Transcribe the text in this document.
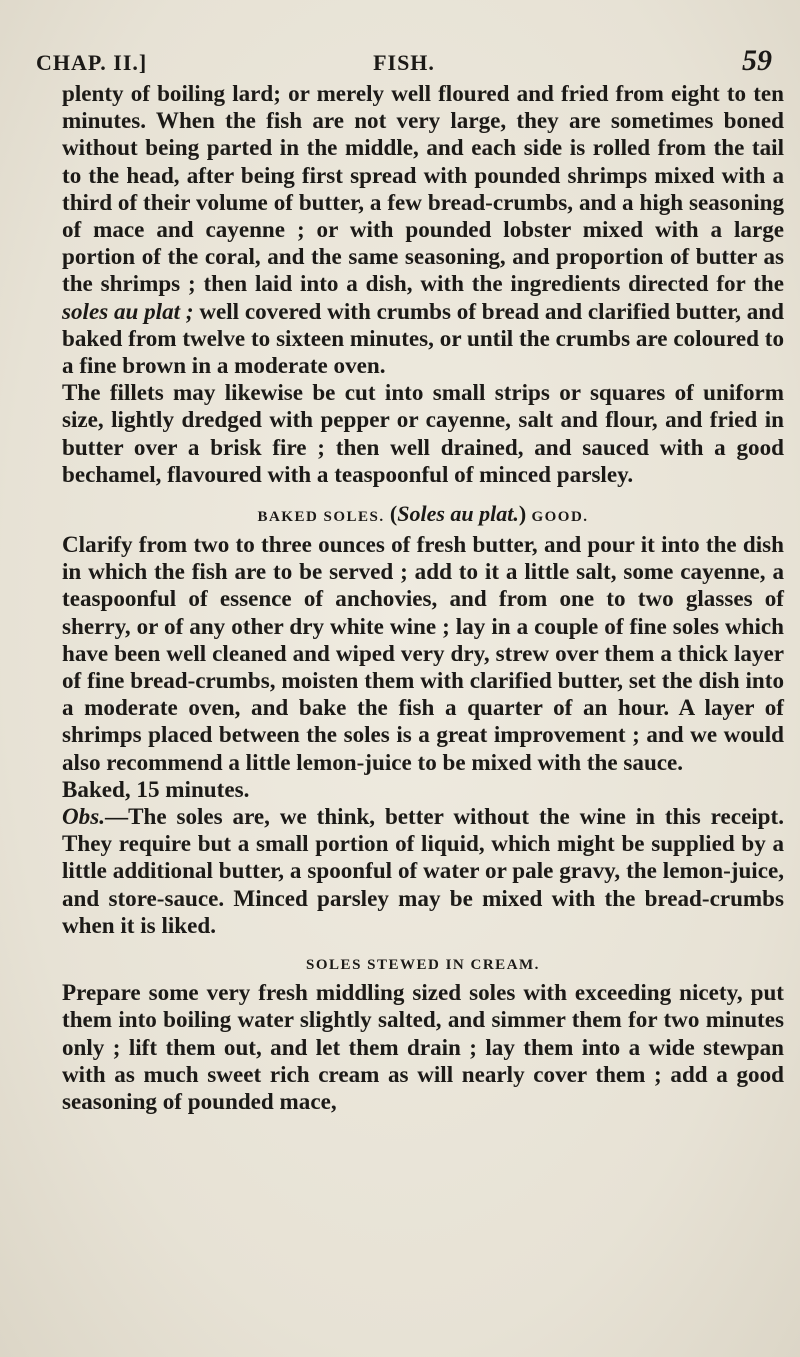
CHAP. II.]	FISH.	59

plenty of boiling lard; or merely well floured and fried from eight to ten minutes. When the fish are not very large, they are sometimes boned without being parted in the middle, and each side is rolled from the tail to the head, after being first spread with pounded shrimps mixed with a third of their volume of butter, a few bread-crumbs, and a high seasoning of mace and cayenne ; or with pounded lobster mixed with a large portion of the coral, and the same seasoning, and proportion of butter as the shrimps ; then laid into a dish, with the ingredients directed for the soles au plat ; well covered with crumbs of bread and clarified butter, and baked from twelve to sixteen minutes, or until the crumbs are coloured to a fine brown in a moderate oven.

The fillets may likewise be cut into small strips or squares of uniform size, lightly dredged with pepper or cayenne, salt and flour, and fried in butter over a brisk fire ; then well drained, and sauced with a good bechamel, flavoured with a teaspoonful of minced parsley.

BAKED SOLES. (Soles au plat.) GOOD.

Clarify from two to three ounces of fresh butter, and pour it into the dish in which the fish are to be served ; add to it a little salt, some cayenne, a teaspoonful of essence of anchovies, and from one to two glasses of sherry, or of any other dry white wine ; lay in a couple of fine soles which have been well cleaned and wiped very dry, strew over them a thick layer of fine bread-crumbs, moisten them with clarified butter, set the dish into a moderate oven, and bake the fish a quarter of an hour. A layer of shrimps placed between the soles is a great improvement ; and we would also recommend a little lemon-juice to be mixed with the sauce.

Baked, 15 minutes.

Obs.—The soles are, we think, better without the wine in this receipt. They require but a small portion of liquid, which might be supplied by a little additional butter, a spoonful of water or pale gravy, the lemon-juice, and store-sauce. Minced parsley may be mixed with the bread-crumbs when it is liked.

SOLES STEWED IN CREAM.

Prepare some very fresh middling sized soles with exceeding nicety, put them into boiling water slightly salted, and simmer them for two minutes only ; lift them out, and let them drain ; lay them into a wide stewpan with as much sweet rich cream as will nearly cover them ; add a good seasoning of pounded mace,
